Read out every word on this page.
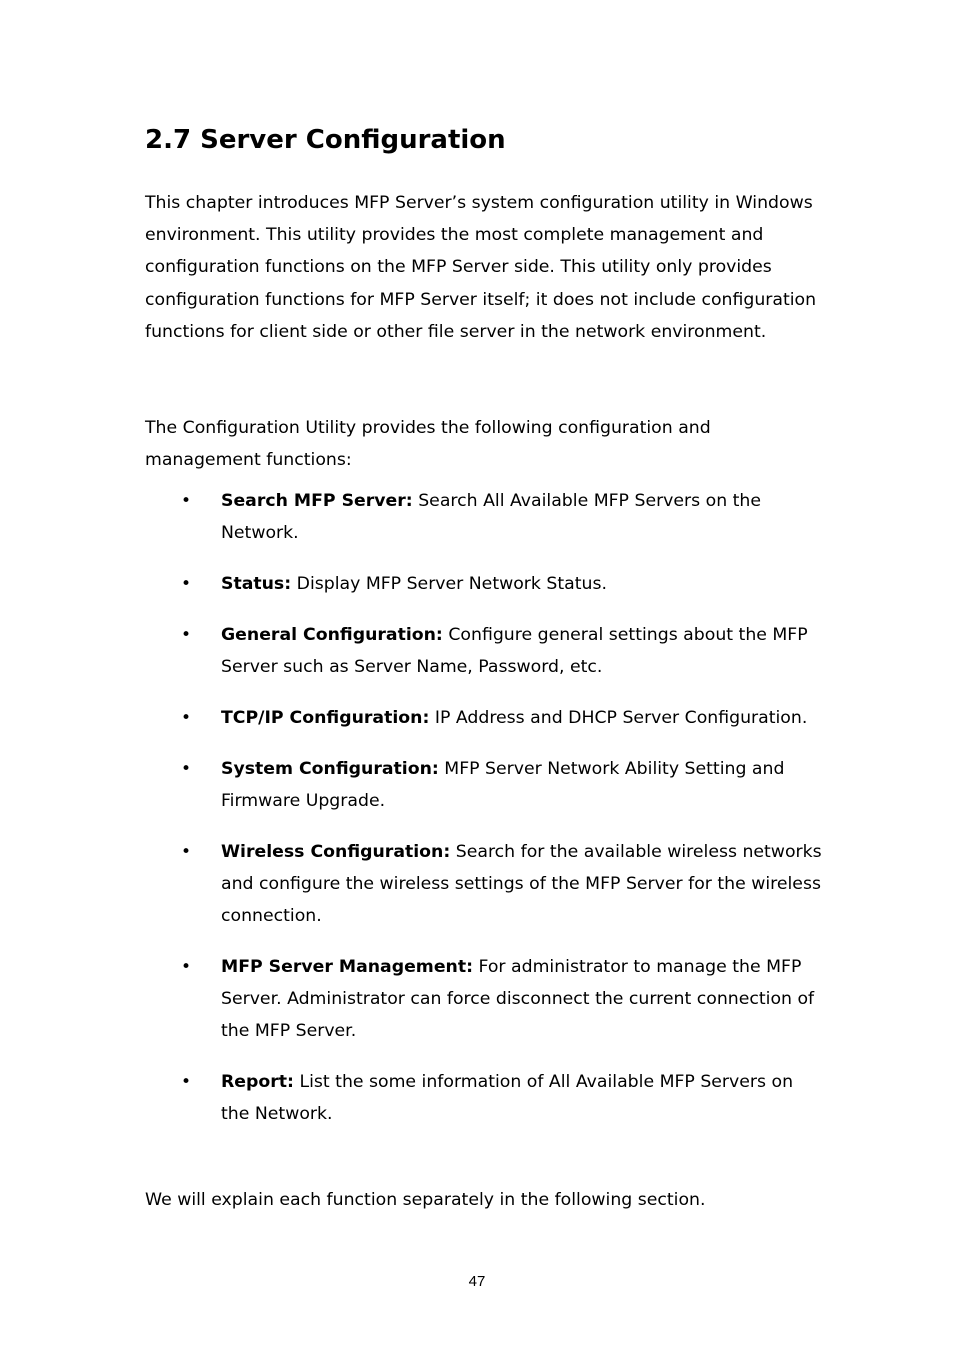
2.7 Server Configuration

This chapter introduces MFP Server’s system configuration utility in Windows environment. This utility provides the most complete management and configuration functions on the MFP Server side. This utility only provides configuration functions for MFP Server itself; it does not include configuration functions for client side or other file server in the network environment.

The Configuration Utility provides the following configuration and management functions:

• Search MFP Server: Search All Available MFP Servers on the Network.
• Status: Display MFP Server Network Status.
• General Configuration: Configure general settings about the MFP Server such as Server Name, Password, etc.
• TCP/IP Configuration: IP Address and DHCP Server Configuration.
• System Configuration: MFP Server Network Ability Setting and Firmware Upgrade.
• Wireless Configuration: Search for the available wireless networks and configure the wireless settings of the MFP Server for the wireless connection.
• MFP Server Management: For administrator to manage the MFP Server. Administrator can force disconnect the current connection of the MFP Server.
• Report: List the some information of All Available MFP Servers on the Network.

We will explain each function separately in the following section.

47
